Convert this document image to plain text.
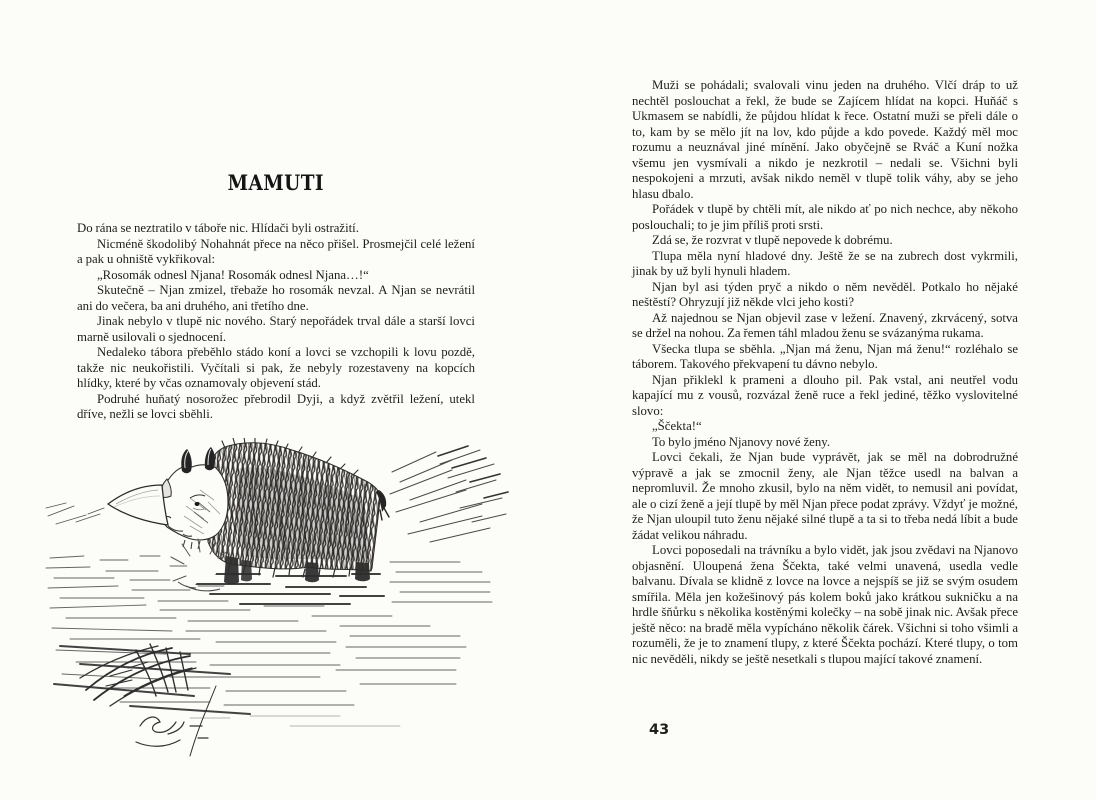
MAMUTI

Do rána se neztratilo v táboře nic. Hlídači byli ostražití.

Nicméně škodolibý Nohahnát přece na něco přišel. Prosmejčil celé ležení a pak u ohniště vykřikoval:

„Rosomák odnesl Njana! Rosomák odnesl Njana…!“

Skutečně – Njan zmizel, třebaže ho rosomák nevzal. A Njan se nevrátil ani do večera, ba ani druhého, ani třetího dne.

Jinak nebylo v tlupě nic nového. Starý nepořádek trval dále a starší lovci marně usilovali o sjednocení.

Nedaleko tábora přeběhlo stádo koní a lovci se vzchopili k lovu pozdě, takže nic neukořistili. Vyčítali si pak, že nebyly rozestaveny na kopcích hlídky, které by včas oznamovaly objevení stád.

Podruhé huňatý nosorožec přebrodil Dyji, a když zvětřil ležení, utekl dříve, nežli se lovci sběhli.

Muži se pohádali; svalovali vinu jeden na druhého. Vlčí dráp to už nechtěl poslouchat a řekl, že bude se Zajícem hlídat na kopci. Huňáč s Ukmasem se nabídli, že půjdou hlídat k řece. Ostatní muži se přeli dále o to, kam by se mělo jít na lov, kdo půjde a kdo povede. Každý měl moc rozumu a neuznával jiné mínění. Jako obyčejně se Rváč a Kuní nožka všemu jen vysmívali a nikdo je nezkrotil – nedali se. Všichni byli nespokojeni a mrzuti, avšak nikdo neměl v tlupě tolik váhy, aby se jeho hlasu dbalo.

Pořádek v tlupě by chtěli mít, ale nikdo ať po nich nechce, aby někoho poslouchali; to je jim příliš proti srsti.

Zdá se, že rozvrat v tlupě nepovede k dobrému.

Tlupa měla nyní hladové dny. Ještě že se na zubrech dost vykrmili, jinak by už byli hynuli hladem.

Njan byl asi týden pryč a nikdo o něm nevěděl. Potkalo ho nějaké neštěstí? Ohryzují již někde vlci jeho kosti?

Až najednou se Njan objevil zase v ležení. Znavený, zkrvácený, sotva se držel na nohou. Za řemen táhl mladou ženu se svázanýma rukama.

Všecka tlupa se sběhla. „Njan má ženu, Njan má ženu!“ rozléhalo se táborem. Takového překvapení tu dávno nebylo.

Njan přiklekl k prameni a dlouho pil. Pak vstal, ani neutřel vodu kapající mu z vousů, rozvázal ženě ruce a řekl jediné, těžko vyslovitelné slovo:

„Ščekta!“

To bylo jméno Njanovy nové ženy.

Lovci čekali, že Njan bude vyprávět, jak se měl na dobrodružné výpravě a jak se zmocnil ženy, ale Njan těžce usedl na balvan a nepromluvil. Že mnoho zkusil, bylo na něm vidět, to nemusil ani povídat, ale o cizí ženě a její tlupě by měl Njan přece podat zprávy. Vždyť je možné, že Njan uloupil tuto ženu nějaké silné tlupě a ta si to třeba nedá líbit a bude žádat velikou náhradu.

Lovci poposedali na trávníku a bylo vidět, jak jsou zvědavi na Njanovo objasnění. Uloupená žena Ščekta, také velmi unavená, usedla vedle balvanu. Dívala se klidně z lovce na lovce a nejspíš se již se svým osudem smířila. Měla jen kožešinový pás kolem boků jako krátkou sukničku a na hrdle šňůrku s několika kostěnými kolečky – na sobě jinak nic. Avšak přece ještě něco: na bradě měla vypícháno několik čárek. Všichni si toho všimli a rozuměli, že je to znamení tlupy, z které Ščekta pochází. Které tlupy, o tom nic nevěděli, nikdy se ještě nesetkali s tlupou mající takové znamení.

43
